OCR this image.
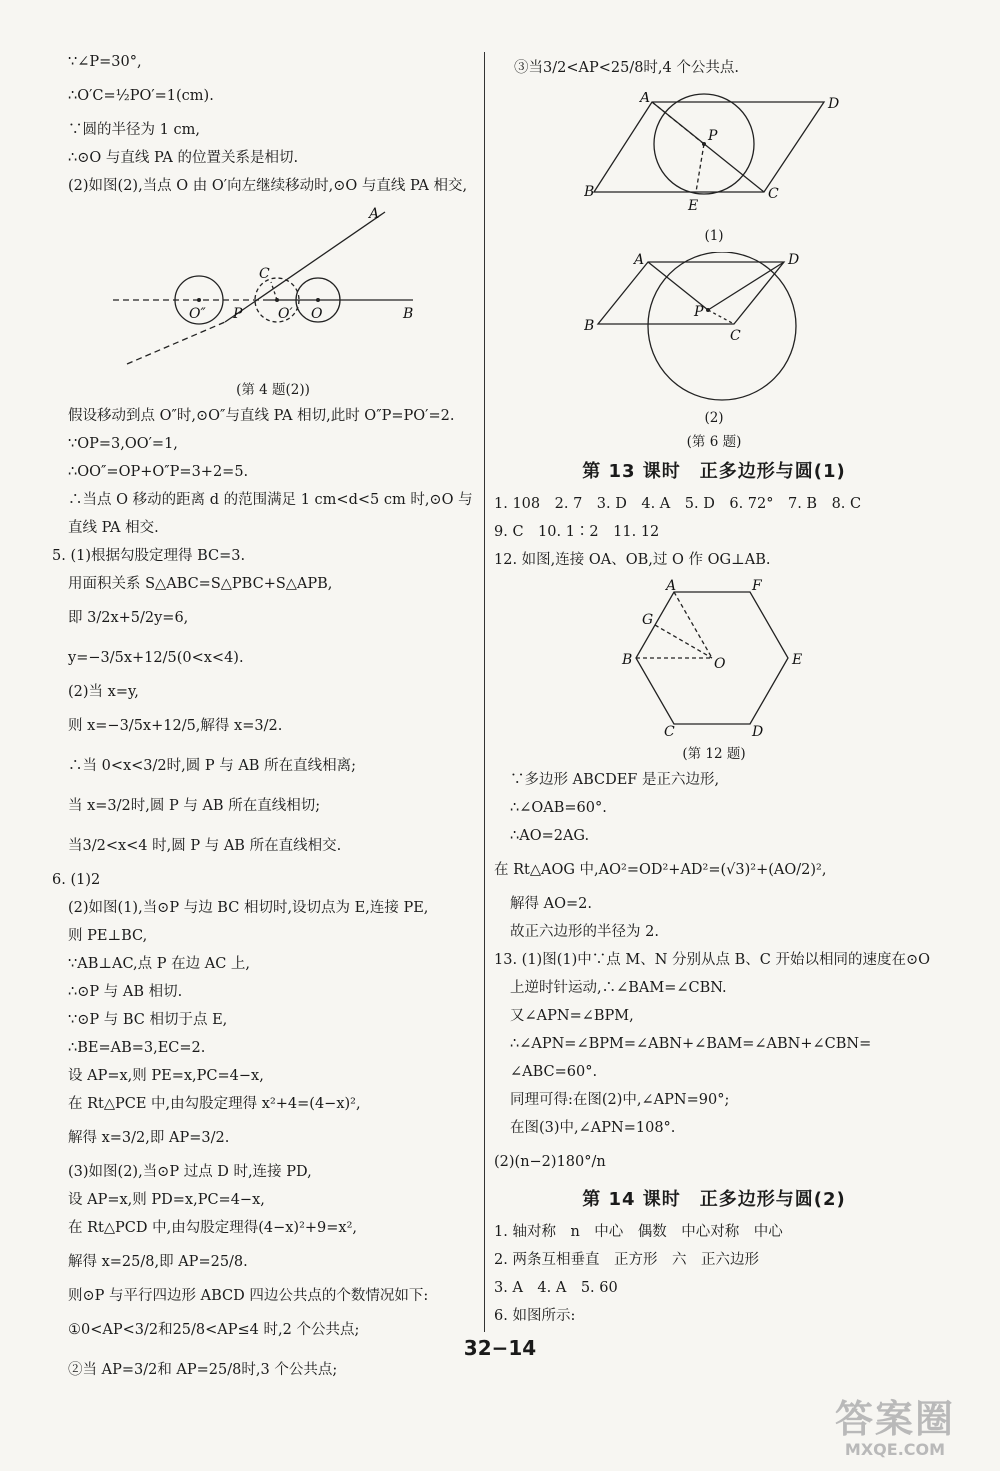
∵∠P=30°,
∴O′C=½PO′=1(cm).
∵圆的半径为 1 cm,
∴⊙O 与直线 PA 的位置关系是相切.
(2)如图(2),当点 O 由 O′向左继续移动时,⊙O 与直线 PA 相交,
A
C
O″ P	O′ O	B
(第 4 题(2))
假设移动到点 O″时,⊙O″与直线 PA 相切,此时 O″P=PO′=2.
∵OP=3,OO′=1,
∴OO″=OP+O″P=3+2=5.
∴当点 O 移动的距离 d 的范围满足 1 cm<d<5 cm 时,⊙O 与
直线 PA 相交.
5. (1)根据勾股定理得 BC=3.
用面积关系 S△ABC=S△PBC+S△APB,
即 3/2x+5/2y=6,
y=−3/5x+12/5(0<x<4).
(2)当 x=y,
则 x=−3/5x+12/5,解得 x=3/2.
∴当 0<x<3/2时,圆 P 与 AB 所在直线相离;
当 x=3/2时,圆 P 与 AB 所在直线相切;
当3/2<x<4 时,圆 P 与 AB 所在直线相交.
6. (1)2
(2)如图(1),当⊙P 与边 BC 相切时,设切点为 E,连接 PE,
则 PE⊥BC,
∵AB⊥AC,点 P 在边 AC 上,
∴⊙P 与 AB 相切.
∵⊙P 与 BC 相切于点 E,
∴BE=AB=3,EC=2.
设 AP=x,则 PE=x,PC=4−x,
在 Rt△PCE 中,由勾股定理得 x²+4=(4−x)²,
解得 x=3/2,即 AP=3/2.
(3)如图(2),当⊙P 过点 D 时,连接 PD,
设 AP=x,则 PD=x,PC=4−x,
在 Rt△PCD 中,由勾股定理得(4−x)²+9=x²,
解得 x=25/8,即 AP=25/8.
则⊙P 与平行四边形 ABCD 四边公共点的个数情况如下:
①0<AP<3/2和25/8<AP≤4 时,2 个公共点;
②当 AP=3/2和 AP=25/8时,3 个公共点;
③当3/2<AP<25/8时,4 个公共点.
A	D
P
B
E
C
(1)
A	D
B
P
C
(2)
(第 6 题)
第 13 课时　正多边形与圆(1)
1. 108　2. 7　3. D　4. A　5. D　6. 72°　7. B　8. C
9. C　10. 1∶2　11. 12
12. 如图,连接 OA、OB,过 O 作 OG⊥AB.
A	F
G
B	O	E
C	D
(第 12 题)
∵多边形 ABCDEF 是正六边形,
∴∠OAB=60°.
∴AO=2AG.
在 Rt△AOG 中,AO²=OD²+AD²=(√3)²+(AO/2)²,
解得 AO=2.
故正六边形的半径为 2.
13. (1)图(1)中∵点 M、N 分别从点 B、C 开始以相同的速度在⊙O
上逆时针运动,∴∠BAM=∠CBN.
又∠APN=∠BPM,
∴∠APN=∠BPM=∠ABN+∠BAM=∠ABN+∠CBN=
∠ABC=60°.
同理可得:在图(2)中,∠APN=90°;
在图(3)中,∠APN=108°.
(2)(n−2)180°/n
第 14 课时　正多边形与圆(2)
1. 轴对称　n　中心　偶数　中心对称　中心
2. 两条互相垂直　正方形　六　正六边形
3. A　4. A　5. 60
6. 如图所示:
32−14
答案圈
MXQE.COM
